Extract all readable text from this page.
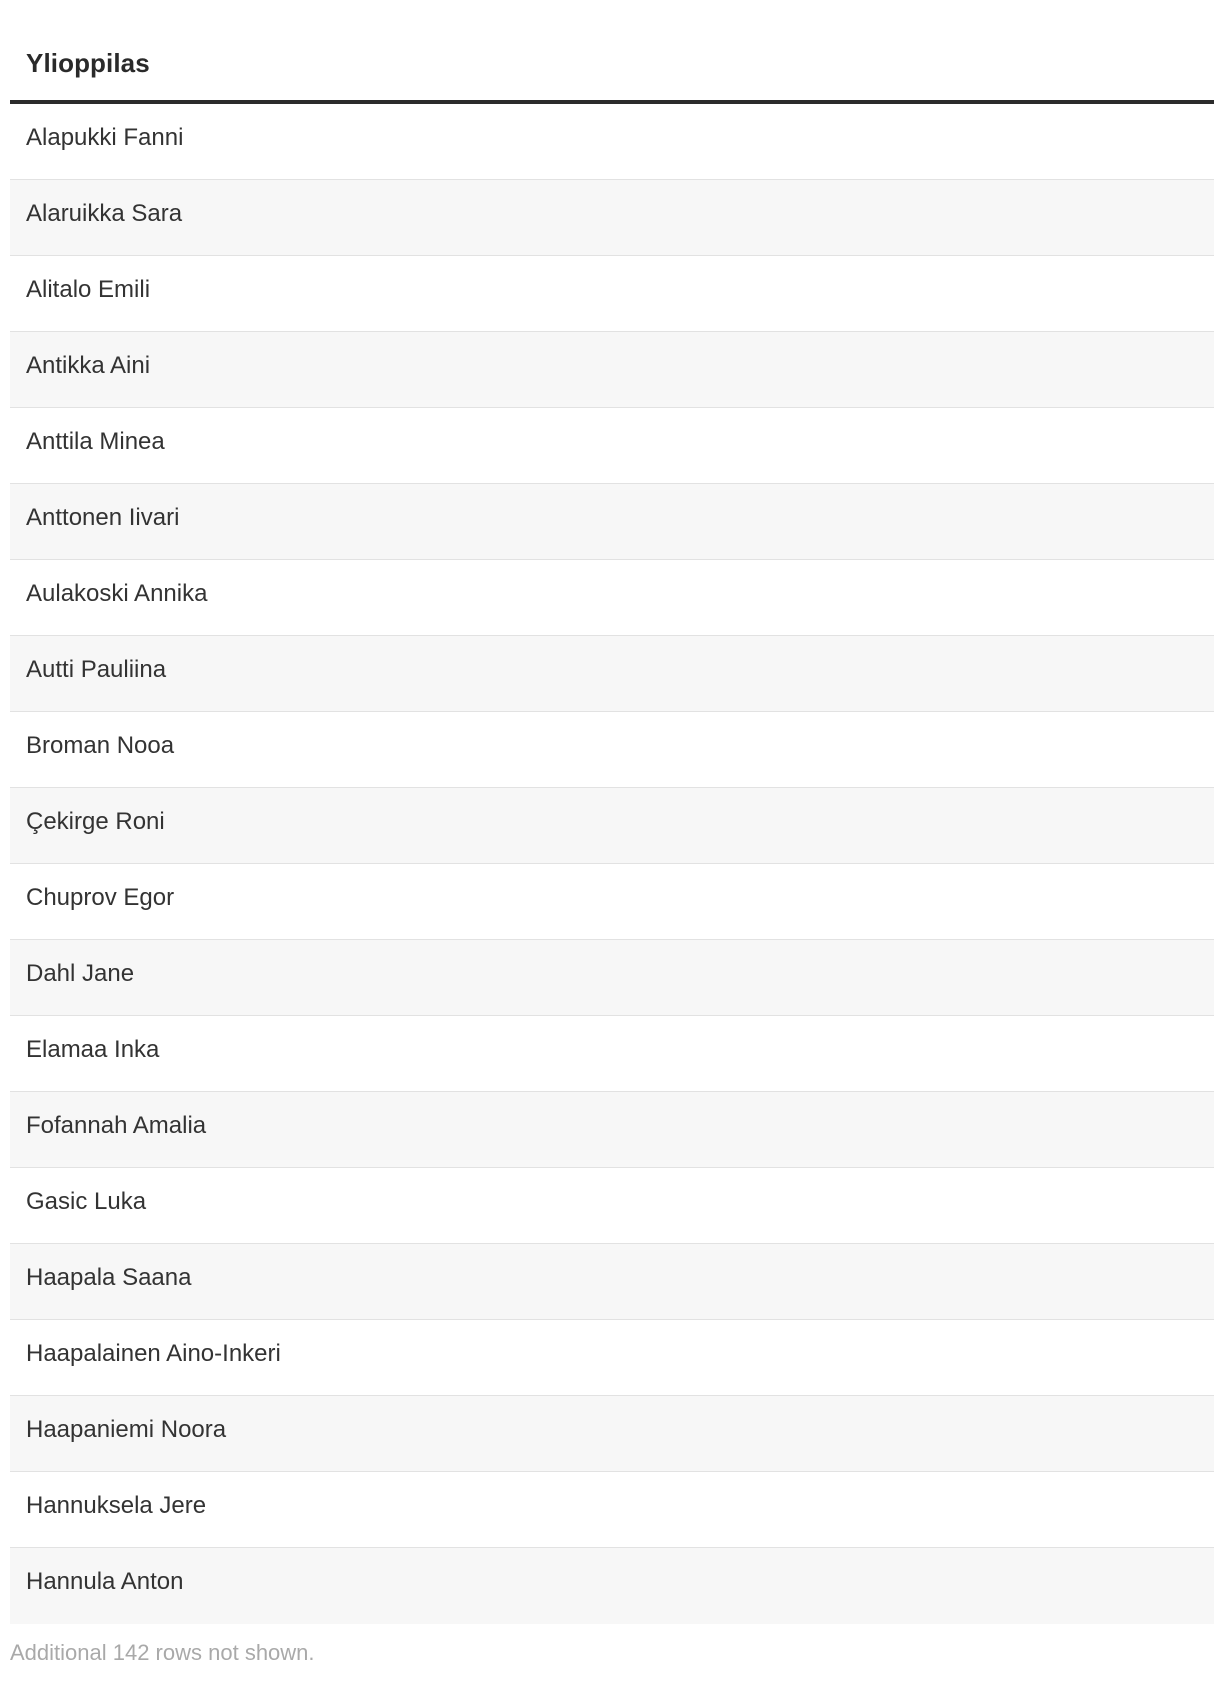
Ylioppilas
Alapukki Fanni
Alaruikka Sara
Alitalo Emili
Antikka Aini
Anttila Minea
Anttonen Iivari
Aulakoski Annika
Autti Pauliina
Broman Nooa
Çekirge Roni
Chuprov Egor
Dahl Jane
Elamaa Inka
Fofannah Amalia
Gasic Luka
Haapala Saana
Haapalainen Aino-Inkeri
Haapaniemi Noora
Hannuksela Jere
Hannula Anton
Additional 142 rows not shown.
